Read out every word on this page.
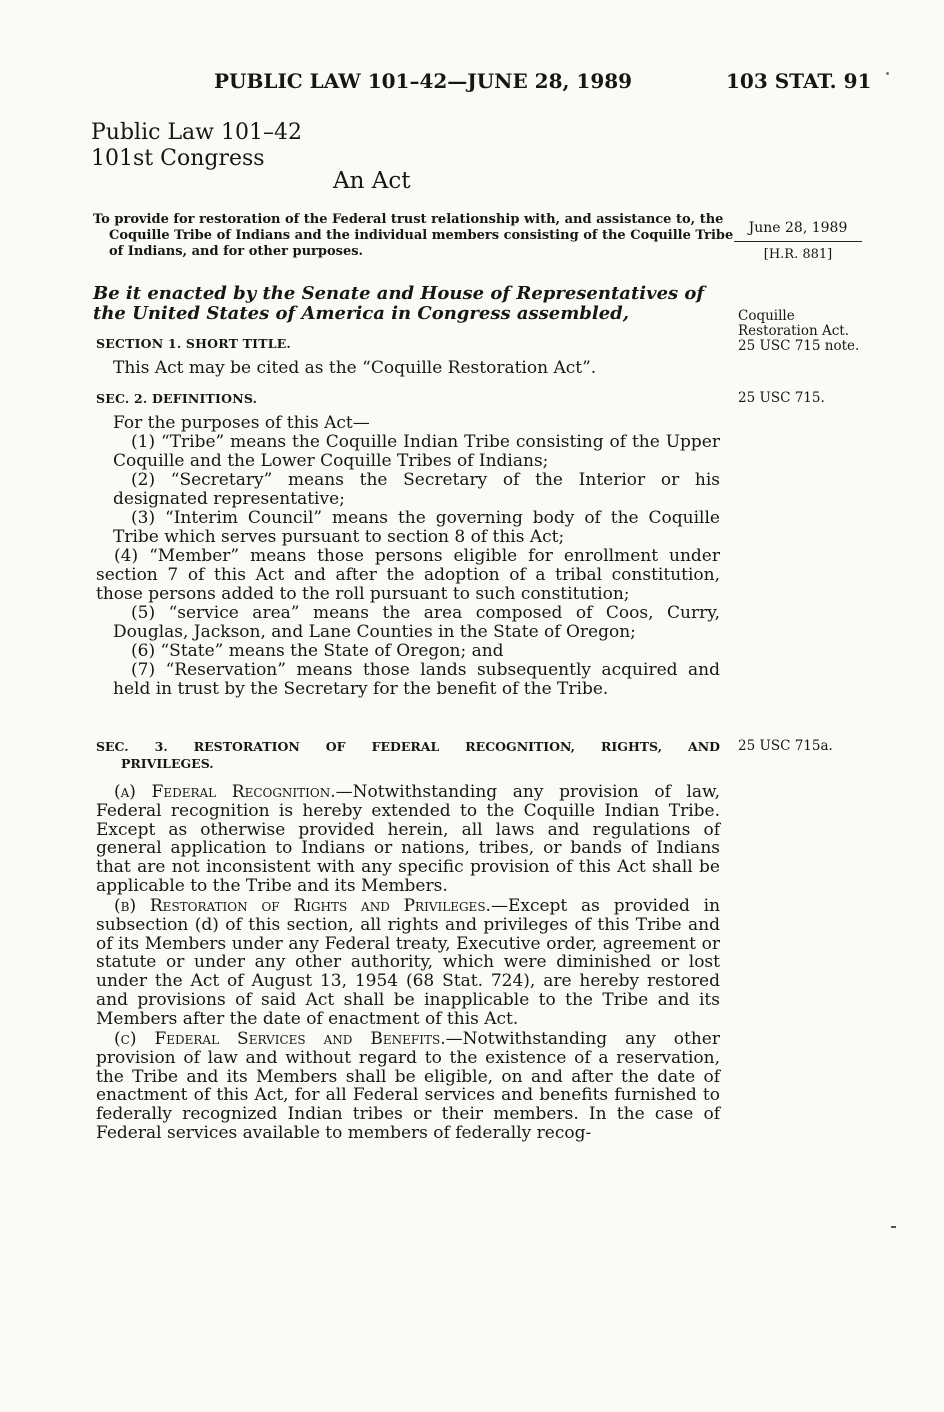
PUBLIC LAW 101–42—JUNE 28, 1989	103 STAT. 91
Public Law 101–42
101st Congress
An Act
To provide for restoration of the Federal trust relationship with, and assistance to, the Coquille Tribe of Indians and the individual members consisting of the Coquille Tribe of Indians, and for other purposes.
June 28, 1989
[H.R. 881]
Be it enacted by the Senate and House of Representatives of the United States of America in Congress assembled,	Coquille
Restoration Act.
25 USC 715 note.
SECTION 1. SHORT TITLE.
This Act may be cited as the “Coquille Restoration Act”.
SEC. 2. DEFINITIONS.	25 USC 715.
For the purposes of this Act—
(1) “Tribe” means the Coquille Indian Tribe consisting of the Upper Coquille and the Lower Coquille Tribes of Indians;
(2) “Secretary” means the Secretary of the Interior or his designated representative;
(3) “Interim Council” means the governing body of the Coquille Tribe which serves pursuant to section 8 of this Act;
(4) “Member” means those persons eligible for enrollment under section 7 of this Act and after the adoption of a tribal constitution, those persons added to the roll pursuant to such constitution;
(5) “service area” means the area composed of Coos, Curry, Douglas, Jackson, and Lane Counties in the State of Oregon;
(6) “State” means the State of Oregon; and
(7) “Reservation” means those lands subsequently acquired and held in trust by the Secretary for the benefit of the Tribe.
SEC. 3. RESTORATION OF FEDERAL RECOGNITION, RIGHTS, AND
PRIVILEGES.
25 USC 715a.
(a) Federal Recognition.—Notwithstanding any provision of law, Federal recognition is hereby extended to the Coquille Indian Tribe. Except as otherwise provided herein, all laws and regulations of general application to Indians or nations, tribes, or bands of Indians that are not inconsistent with any specific provision of this Act shall be applicable to the Tribe and its Members.
(b) Restoration of Rights and Privileges.—Except as provided in subsection (d) of this section, all rights and privileges of this Tribe and of its Members under any Federal treaty, Executive order, agreement or statute or under any other authority, which were diminished or lost under the Act of August 13, 1954 (68 Stat. 724), are hereby restored and provisions of said Act shall be inapplicable to the Tribe and its Members after the date of enactment of this Act.
(c) Federal Services and Benefits.—Notwithstanding any other provision of law and without regard to the existence of a reservation, the Tribe and its Members shall be eligible, on and after the date of enactment of this Act, for all Federal services and benefits furnished to federally recognized Indian tribes or their members. In the case of Federal services available to members of federally recog-
